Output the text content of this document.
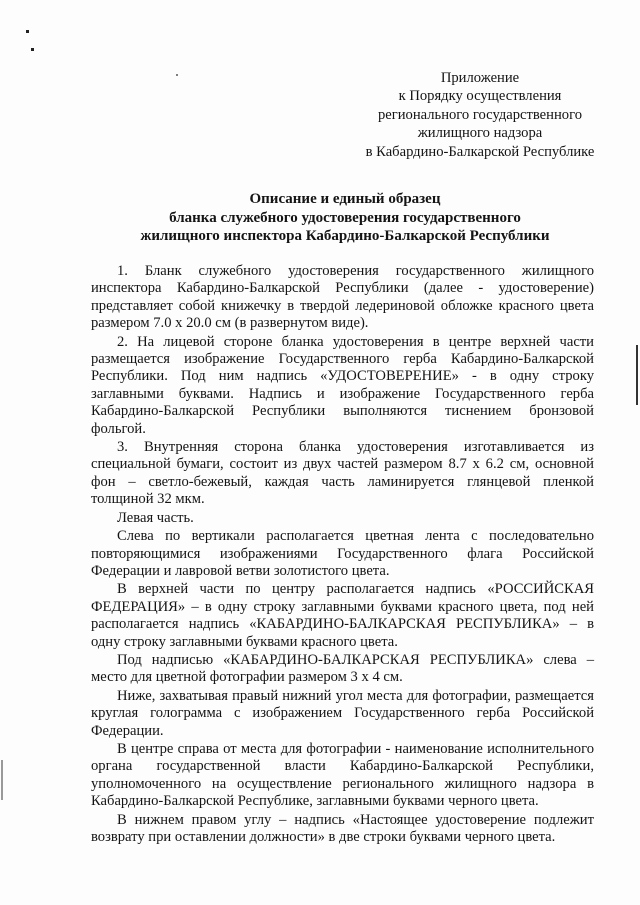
Приложение
к Порядку осуществления
регионального государственного
жилищного надзора
в Кабардино-Балкарской Республике
Описание и единый образец
бланка служебного удостоверения государственного
жилищного инспектора Кабардино-Балкарской Республики

1. Бланк служебного удостоверения государственного жилищного инспектора Кабардино-Балкарской Республики (далее - удостоверение) представляет собой книжечку в твердой ледериновой обложке красного цвета размером 7.0 х 20.0 см (в развернутом виде).

2. На лицевой стороне бланка удостоверения в центре верхней части размещается изображение Государственного герба Кабардино-Балкарской Республики. Под ним надпись «УДОСТОВЕРЕНИЕ» - в одну строку заглавными буквами. Надпись и изображение Государственного герба Кабардино-Балкарской Республики выполняются тиснением бронзовой фольгой.

3. Внутренняя сторона бланка удостоверения изготавливается из специальной бумаги, состоит из двух частей размером 8.7 х 6.2 см, основной фон – светло-бежевый, каждая часть ламинируется глянцевой пленкой толщиной 32 мкм.

Левая часть.

Слева по вертикали располагается цветная лента с последовательно повторяющимися изображениями Государственного флага Российской Федерации и лавровой ветви золотистого цвета.

В верхней части по центру располагается надпись «РОССИЙСКАЯ ФЕДЕРАЦИЯ» – в одну строку заглавными буквами красного цвета, под ней располагается надпись «КАБАРДИНО-БАЛКАРСКАЯ РЕСПУБЛИКА» – в одну строку заглавными буквами красного цвета.

Под надписью «КАБАРДИНО-БАЛКАРСКАЯ РЕСПУБЛИКА» слева – место для цветной фотографии размером 3 х 4 см.

Ниже, захватывая правый нижний угол места для фотографии, размещается круглая голограмма с изображением Государственного герба Российской Федерации.

В центре справа от места для фотографии - наименование исполнительного органа государственной власти Кабардино-Балкарской Республики, уполномоченного на осуществление регионального жилищного надзора в Кабардино-Балкарской Республике, заглавными буквами черного цвета.

В нижнем правом углу – надпись «Настоящее удостоверение подлежит возврату при оставлении должности» в две строки буквами черного цвета.
